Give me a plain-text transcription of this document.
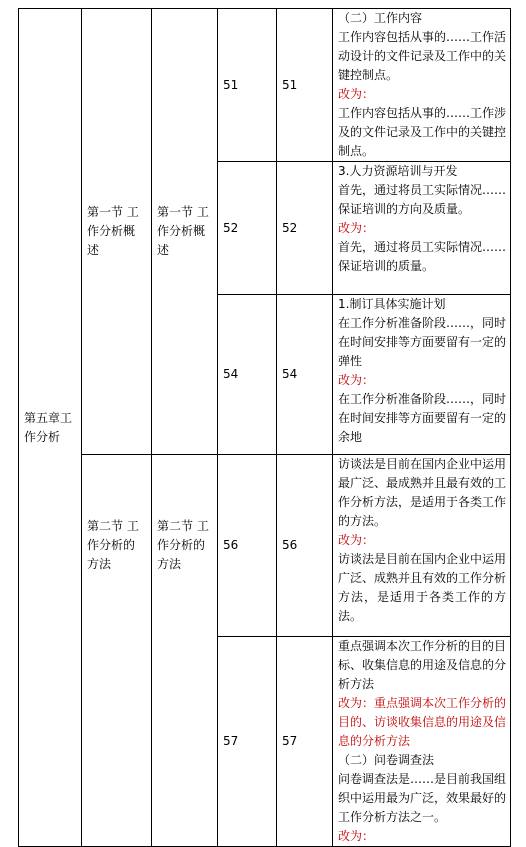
第五章工作分析	第一节 工作分析概述	第一节 工作分析概述	51	51	（二）工作内容

工作内容包括从事的……工作活动设计的文件记录及工作中的关键控制点。

改为：

工作内容包括从事的……工作涉及的文件记录及工作中的关键控制点。

			52	52	3.人力资源培训与开发

首先，通过将员工实际情况……保证培训的方向及质量。

改为：

首先，通过将员工实际情况……保证培训的质量。

			54	54	1.制订具体实施计划

在工作分析准备阶段……，同时在时间安排等方面要留有一定的弹性

改为：

在工作分析准备阶段……，同时在时间安排等方面要留有一定的余地

	第二节 工作分析的方法	第二节 工作分析的方法	56	56	访谈法是目前在国内企业中运用最广泛、最成熟并且最有效的工作分析方法，是适用于各类工作的方法。

改为：

访谈法是目前在国内企业中运用广泛、成熟并且有效的工作分析方法，是适用于各类工作的方法。

			57	57	重点强调本次工作分析的目的目标、收集信息的用途及信息的分析方法

改为：重点强调本次工作分析的目的、访谈收集信息的用途及信息的分析方法

（二）问卷调查法

问卷调查法是……是目前我国组织中运用最为广泛，效果最好的工作分析方法之一。

改为：
